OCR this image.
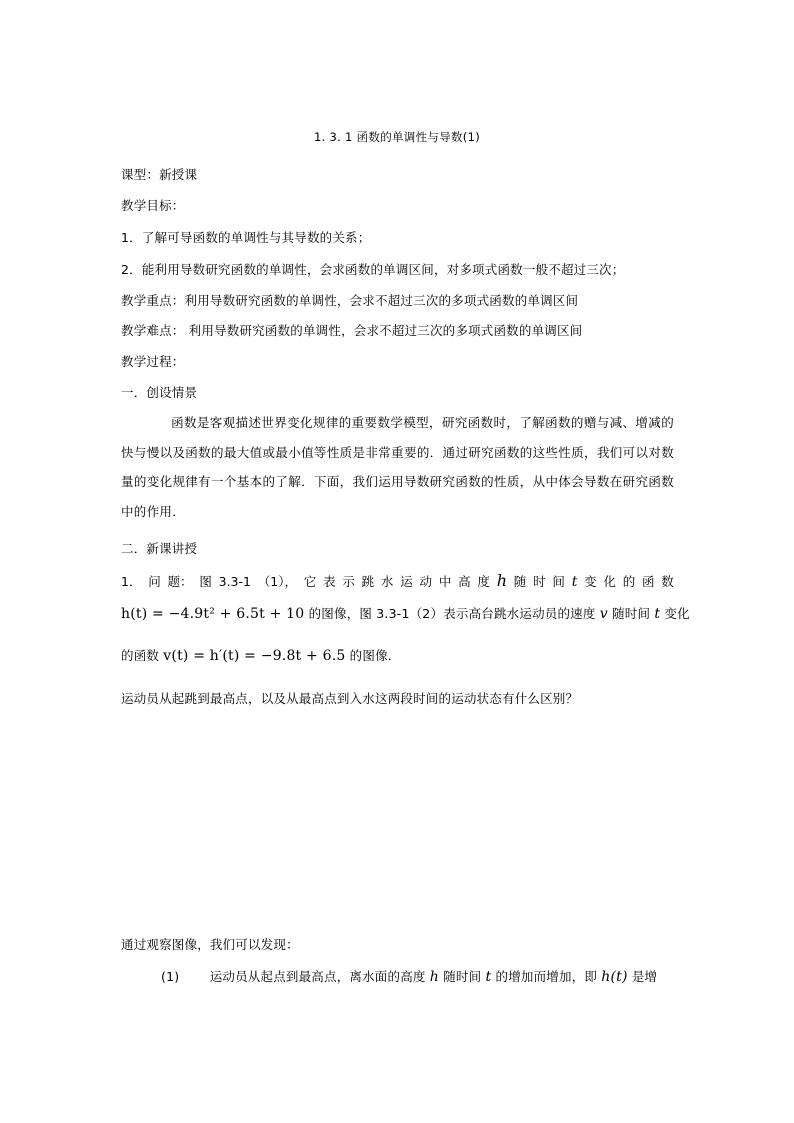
1. 3. 1 函数的单调性与导数(1)
课型：新授课
教学目标：
1．了解可导函数的单调性与其导数的关系；
2．能利用导数研究函数的单调性，会求函数的单调区间，对多项式函数一般不超过三次；
教学重点：利用导数研究函数的单调性，会求不超过三次的多项式函数的单调区间
教学难点： 利用导数研究函数的单调性，会求不超过三次的多项式函数的单调区间
教学过程：
一．创设情景
函数是客观描述世界变化规律的重要数学模型，研究函数时，了解函数的赠与减、增减的快与慢以及函数的最大值或最小值等性质是非常重要的．通过研究函数的这些性质，我们可以对数量的变化规律有一个基本的了解．下面，我们运用导数研究函数的性质，从中体会导数在研究函数中的作用．
二．新课讲授
1． 问 题： 图 3.3-1 （1）， 它 表 示 跳 水 运 动 中 高 度 h 随 时 间 t 变 化 的 函 数
h(t) = −4.9t² + 6.5t + 10 的图像，图 3.3-1（2）表示高台跳水运动员的速度 v 随时间 t 变化
的函数 v(t) = h′(t) = −9.8t + 6.5 的图像．
运动员从起跳到最高点，以及从最高点到入水这两段时间的运动状态有什么区别？
通过观察图像，我们可以发现：
(1) 运动员从起点到最高点，离水面的高度 h 随时间 t 的增加而增加，即 h(t) 是增
